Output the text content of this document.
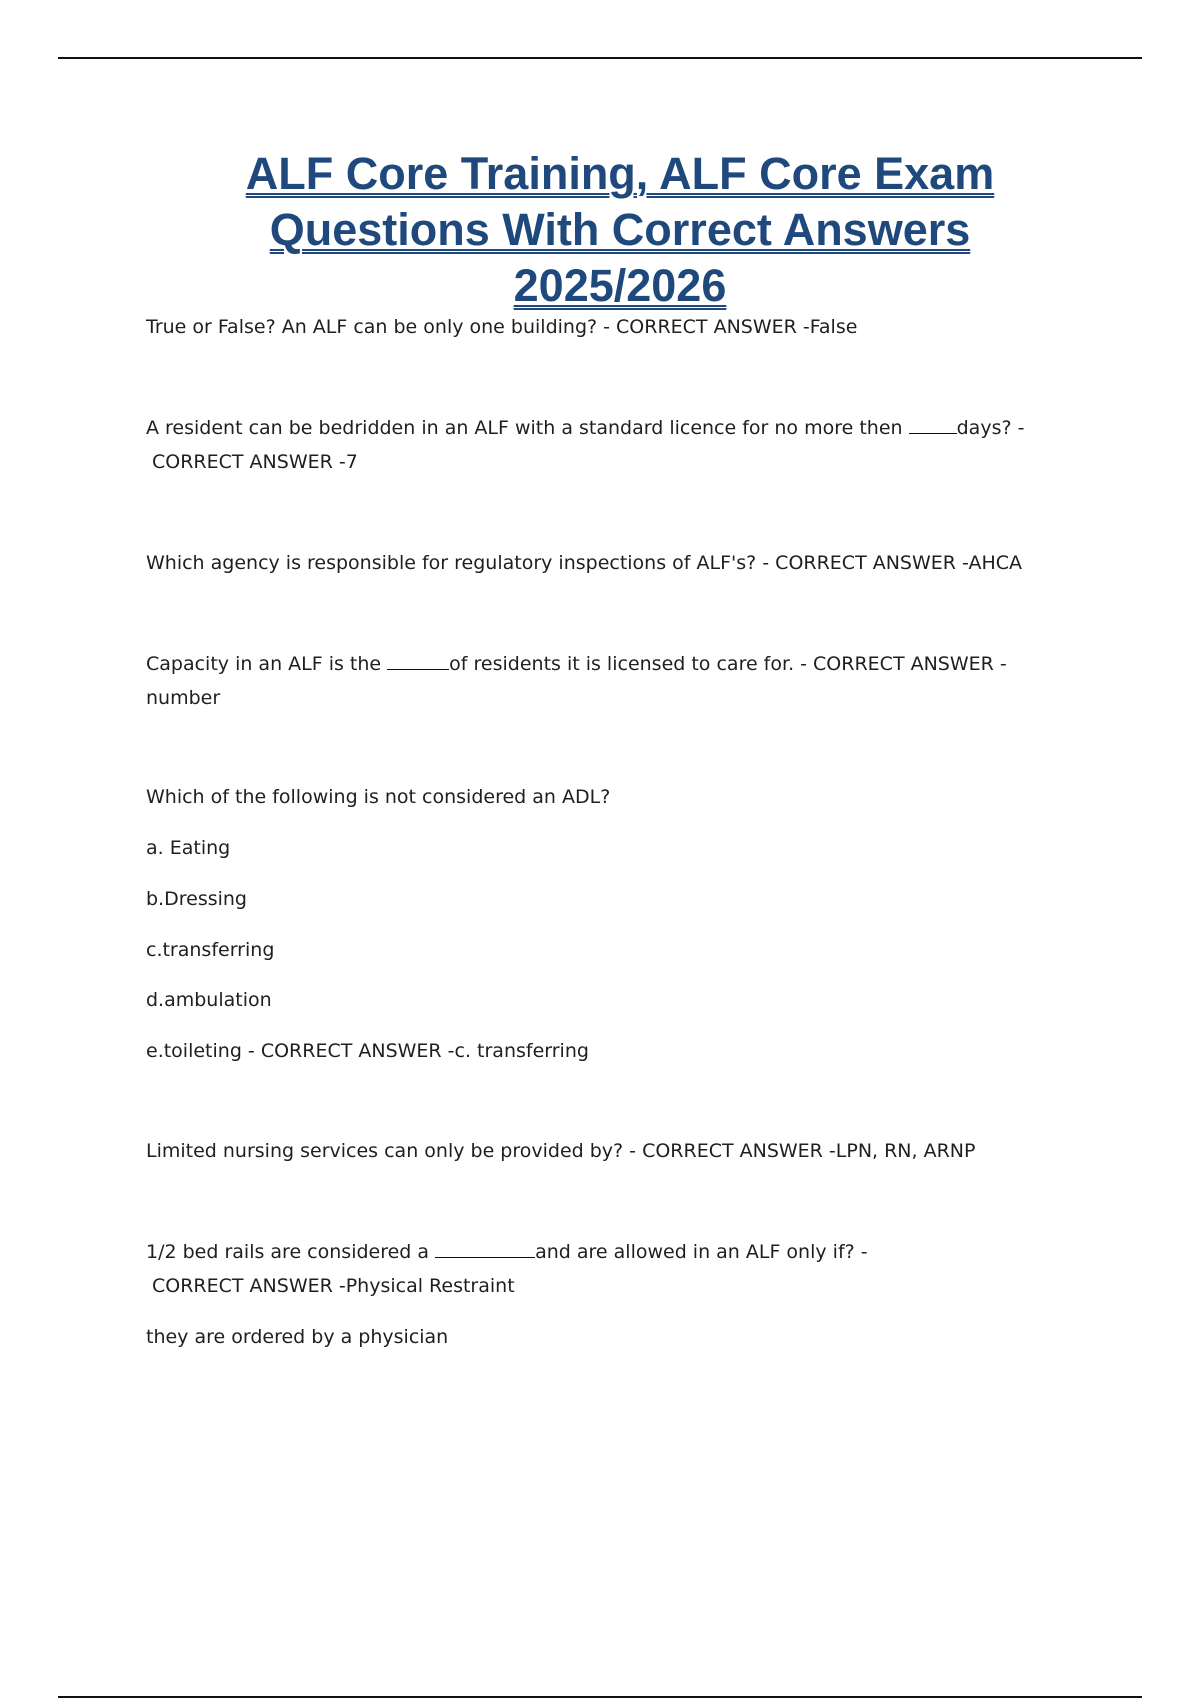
ALF Core Training, ALF Core Exam
Questions With Correct Answers
2025/2026
True or False? An ALF can be only one building? - CORRECT ANSWER -False
A resident can be bedridden in an ALF with a standard licence for no more then	days? -
CORRECT ANSWER -7
Which agency is responsible for regulatory inspections of ALF's? - CORRECT ANSWER -AHCA
Capacity in an ALF is the	of residents it is licensed to care for. - CORRECT ANSWER -
number
Which of the following is not considered an ADL?
a. Eating
b.Dressing
c.transferring
d.ambulation
e.toileting - CORRECT ANSWER -c. transferring
Limited nursing services can only be provided by? - CORRECT ANSWER -LPN, RN, ARNP
1/2 bed rails are considered a	and are allowed in an ALF only if? -
CORRECT ANSWER -Physical Restraint
they are ordered by a physician
